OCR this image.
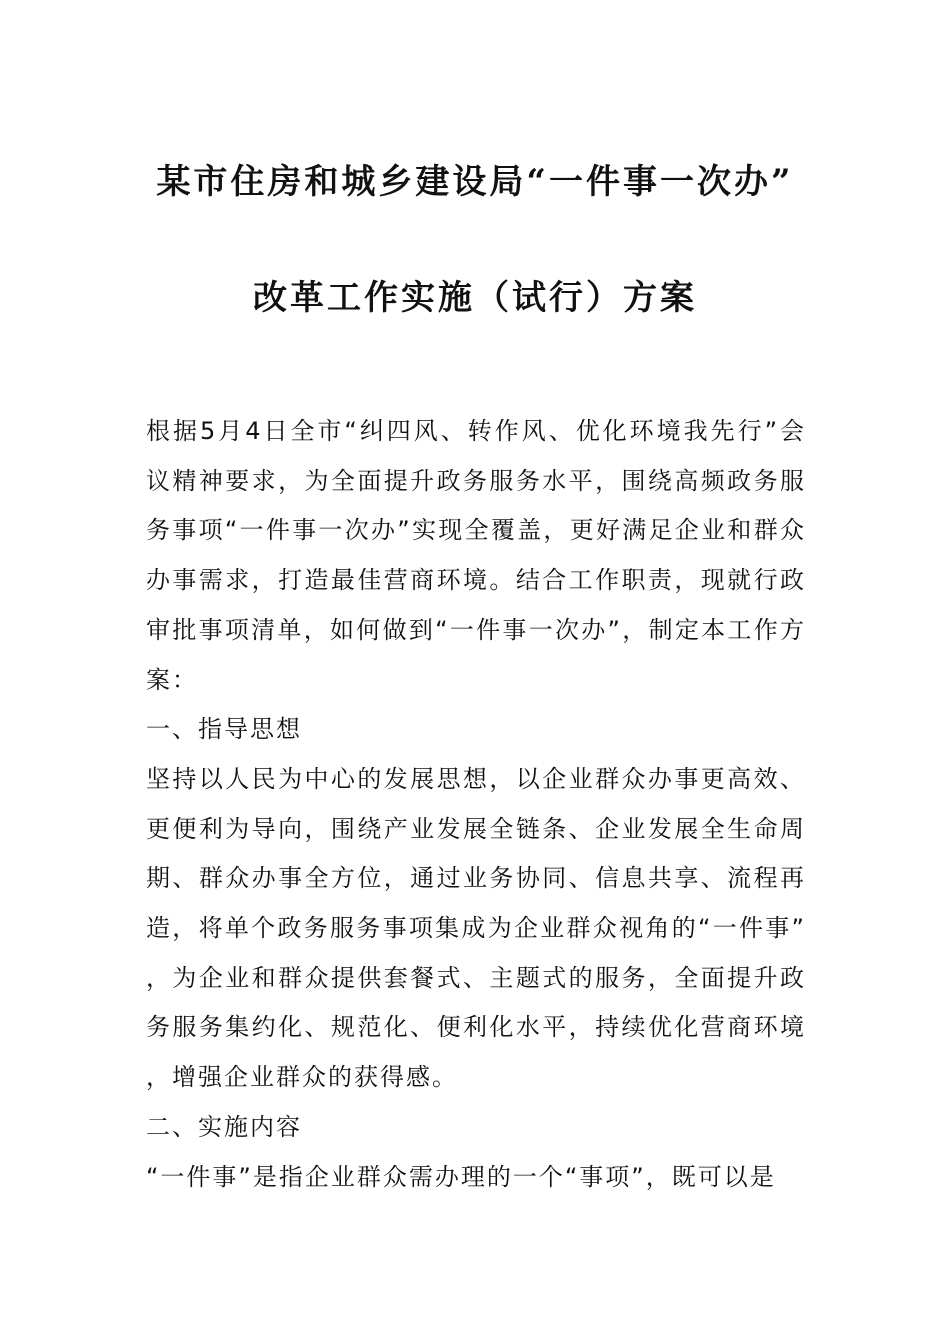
某市住房和城乡建设局“一件事一次办”
改革工作实施（试行）方案

根据5月4日全市“纠四风、转作风、优化环境我先行”会议精神要求，为全面提升政务服务水平，围绕高频政务服务事项“一件事一次办”实现全覆盖，更好满足企业和群众办事需求，打造最佳营商环境。结合工作职责，现就行政审批事项清单，如何做到“一件事一次办”，制定本工作方案：

一、指导思想

坚持以人民为中心的发展思想，以企业群众办事更高效、更便利为导向，围绕产业发展全链条、企业发展全生命周期、群众办事全方位，通过业务协同、信息共享、流程再造，将单个政务服务事项集成为企业群众视角的“一件事”，为企业和群众提供套餐式、主题式的服务，全面提升政务服务集约化、规范化、便利化水平，持续优化营商环境，增强企业群众的获得感。

二、实施内容

“一件事”是指企业群众需办理的一个“事项”，既可以是
